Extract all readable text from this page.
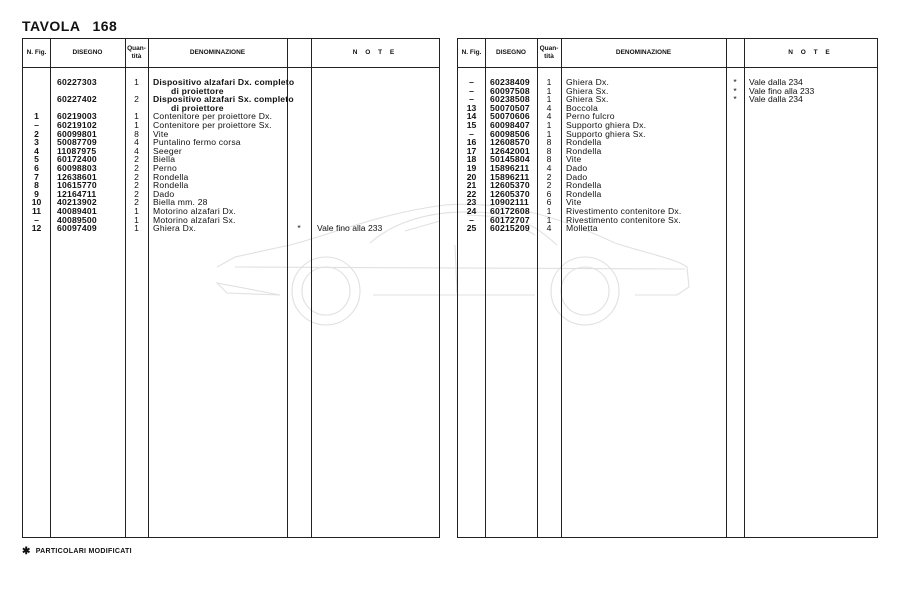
TAVOLA 168
N. Fig.	DISEGNO
Quan-tità
DENOMINAZIONE	N O T E
60227303	1	Dispositivo alzafari Dx. completo
di proiettore
60227402	2	Dispositivo alzafari Sx. completo
di proiettore
1	60219003	1	Contenitore per proiettore Dx.
–	60219102	1	Contenitore per proiettore Sx.
2	60099801	8	Vite
3	50087709	4	Puntalino fermo corsa
4	11087975	4	Seeger
5	60172400	2	Biella
6	60098803	2	Perno
7	12638601	2	Rondella
8	10615770	2	Rondella
9	12164711	2	Dado
10	40213902	2	Biella mm. 28
11	40089401	1	Motorino alzafari Dx.
–	40089500	1	Motorino alzafari Sx.
12	60097409	1	Ghiera Dx.	*	Vale fino alla 233
N. Fig.	DISEGNO
Quan-tità
DENOMINAZIONE	N O T E
–	60238409	1	Ghiera Dx.	*	Vale dalla 234
–	60097508	1	Ghiera Sx.	*	Vale fino alla 233
–	60238508	1	Ghiera Sx.	*	Vale dalla 234
13	50070507	4	Boccola
14	50070606	4	Perno fulcro
15	60098407	1	Supporto ghiera Dx.
–	60098506	1	Supporto ghiera Sx.
16	12608570	8	Rondella
17	12642001	8	Rondella
18	50145804	8	Vite
19	15896211	4	Dado
20	15896211	2	Dado
21	12605370	2	Rondella
22	12605370	6	Rondella
23	10902111	6	Vite
24	60172608	1	Rivestimento contenitore Dx.
–	60172707	1	Rivestimento contenitore Sx.
25	60215209	4	Molletta
✱ PARTICOLARI MODIFICATI
